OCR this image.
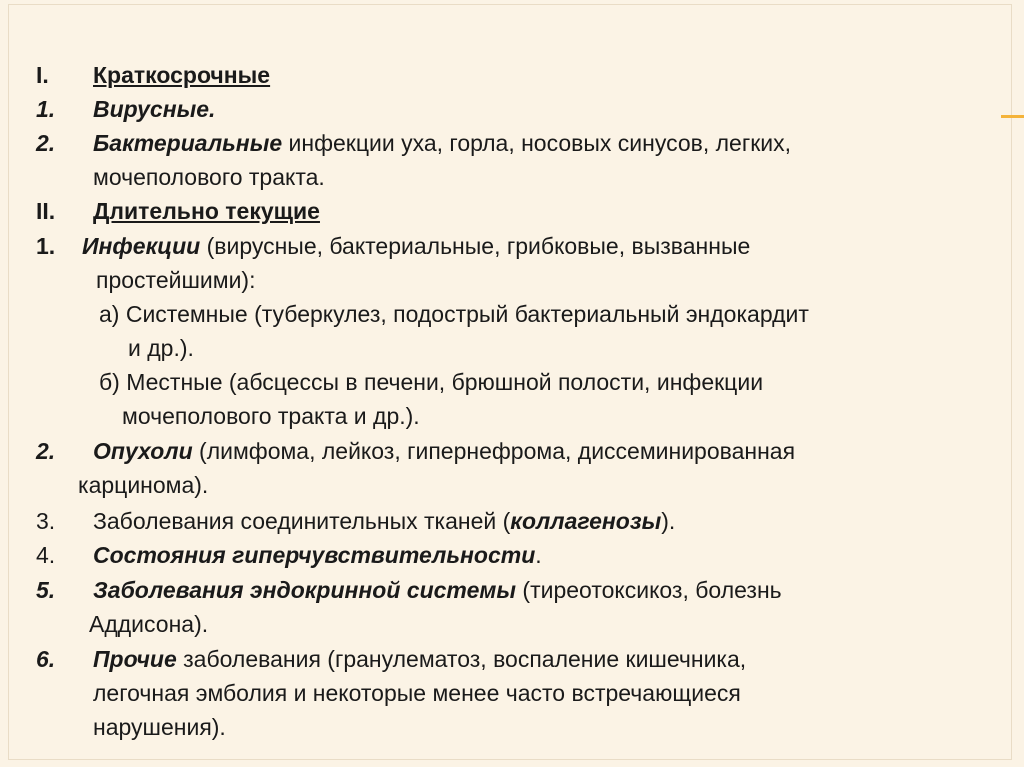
I. Краткосрочные
1. Вирусные.
2. Бактериальные инфекции уха, горла, носовых синусов, легких,
мочеполового тракта.
II. Длительно текущие
1. Инфекции (вирусные, бактериальные, грибковые, вызванные
простейшими):
а) Системные (туберкулез, подострый бактериальный эндокардит
и др.).
б) Местные (абсцессы в печени, брюшной полости, инфекции
мочеполового тракта и др.).
2. Опухоли (лимфома, лейкоз, гипернефрома, диссеминированная
карцинома).
3. Заболевания соединительных тканей (коллагенозы).
4. Состояния гиперчувствительности.
5. Заболевания эндокринной системы (тиреотоксикоз, болезнь
Аддисона).
6. Прочие заболевания (гранулематоз, воспаление кишечника,
легочная эмболия и некоторые менее часто встречающиеся
нарушения).
